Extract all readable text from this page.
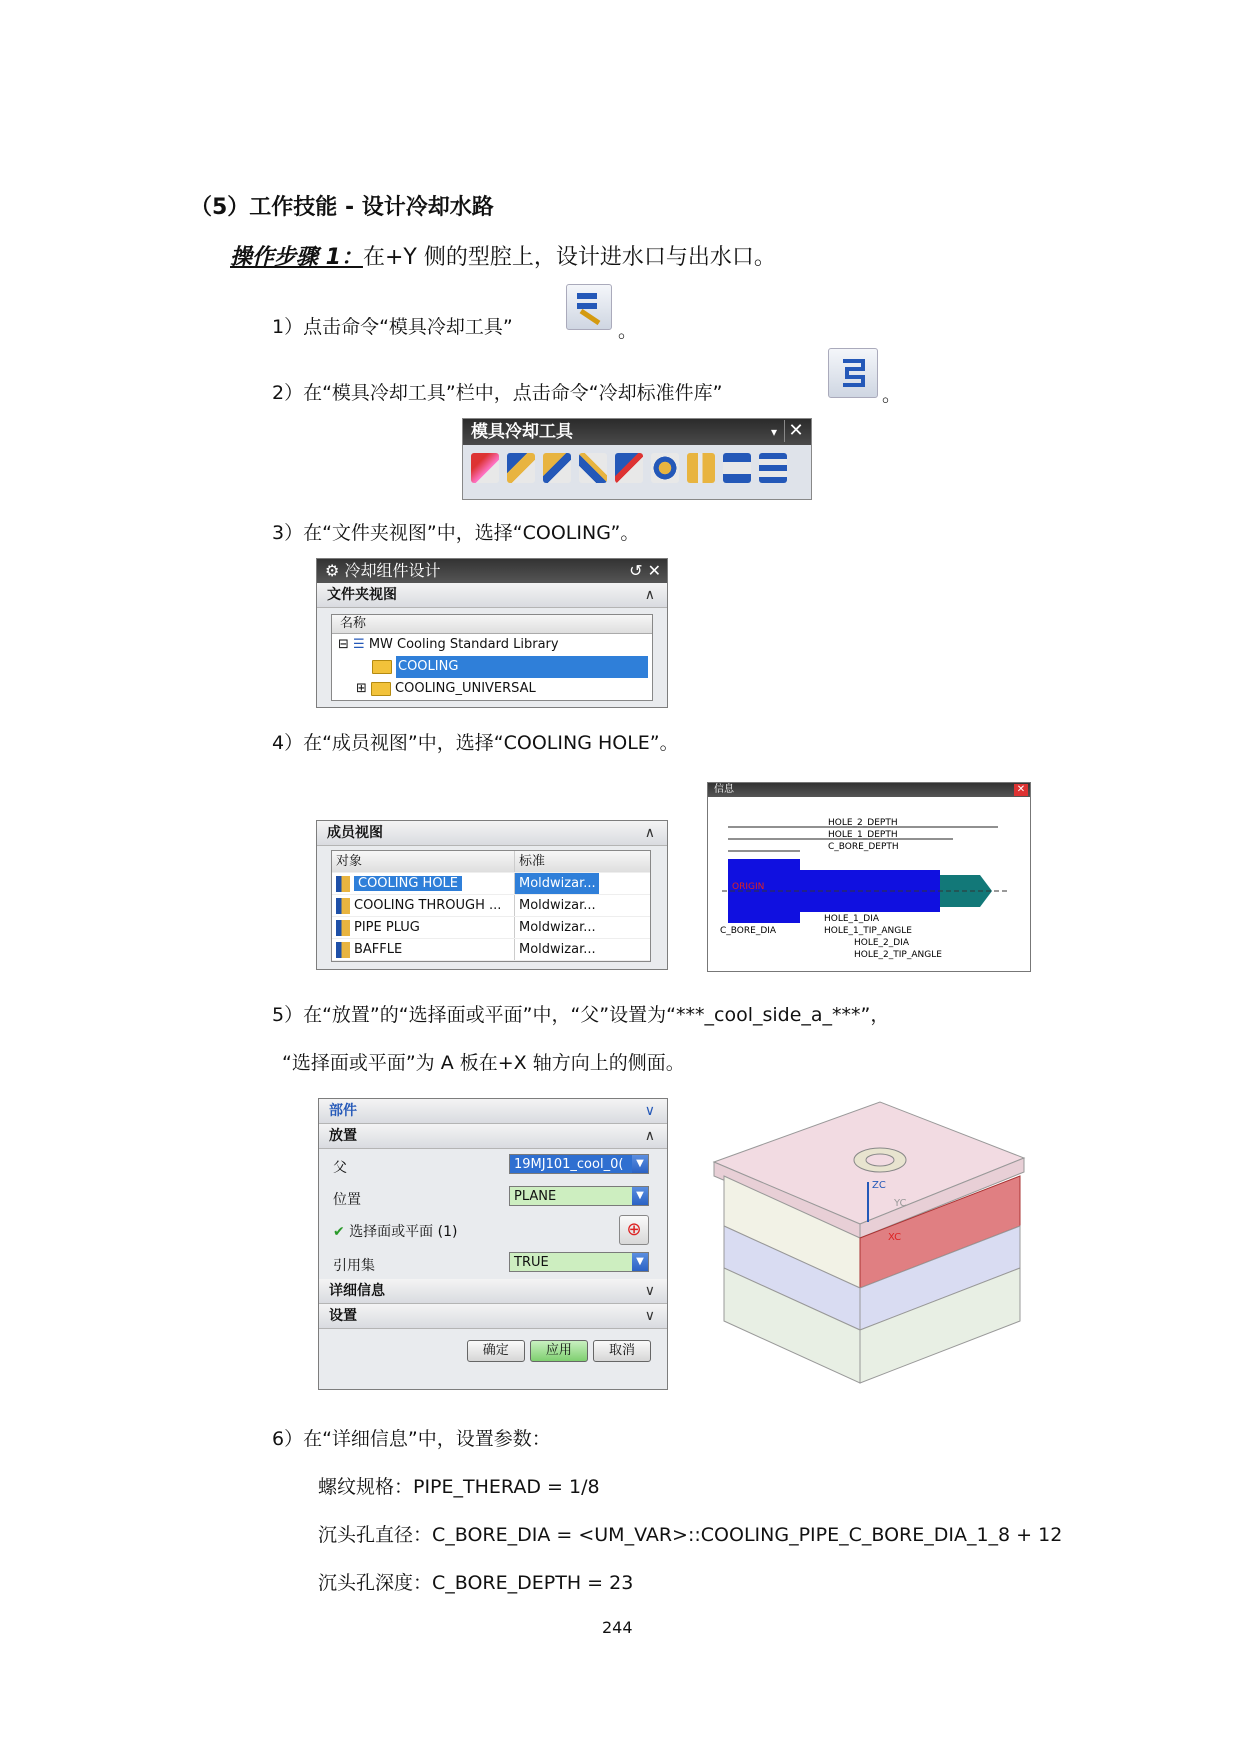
（5）工作技能 - 设计冷却水路
操作步骤 1：在+Y 侧的型腔上，设计进水口与出水口。
1）点击命令“模具冷却工具”	。
2）在“模具冷却工具”栏中，点击命令“冷却标准件库”	。
模具冷却工具	▾ ✕
3）在“文件夹视图”中，选择“COOLING”。
⚙ 冷却组件设计	↺ ✕
文件夹视图	∧
名称
⊟ ☰ MW Cooling Standard Library
COOLING
⊞ COOLING_UNIVERSAL
4）在“成员视图”中，选择“COOLING HOLE”。
成员视图	∧
对象	标准
COOLING HOLE	Moldwizar...
COOLING THROUGH ...	Moldwizar...
PIPE PLUG	Moldwizar...
BAFFLE	Moldwizar...
信息	✕
HOLE_2_DEPTH
HOLE_1_DEPTH
C_BORE_DEPTH
ORIGIN
C_BORE_DIA
HOLE_1_DIA
HOLE_1_TIP_ANGLE
HOLE_2_DIA
HOLE_2_TIP_ANGLE
5）在“放置”的“选择面或平面”中，“父”设置为“***_cool_side_a_***”，
“选择面或平面”为 A 板在+X 轴方向上的侧面。
部件	∨
放置	∧
父	19MJ101_cool_0(	▼
位置	PLANE	▼
✔ 选择面或平面 (1)	⊕
引用集	TRUE	▼
详细信息	∨
设置	∨
确定	应用	取消
ZC
YC
XC
6）在“详细信息”中，设置参数：
螺纹规格：PIPE_THERAD = 1/8
沉头孔直径：C_BORE_DIA = <UM_VAR>::COOLING_PIPE_C_BORE_DIA_1_8 + 12
沉头孔深度：C_BORE_DEPTH = 23
244
